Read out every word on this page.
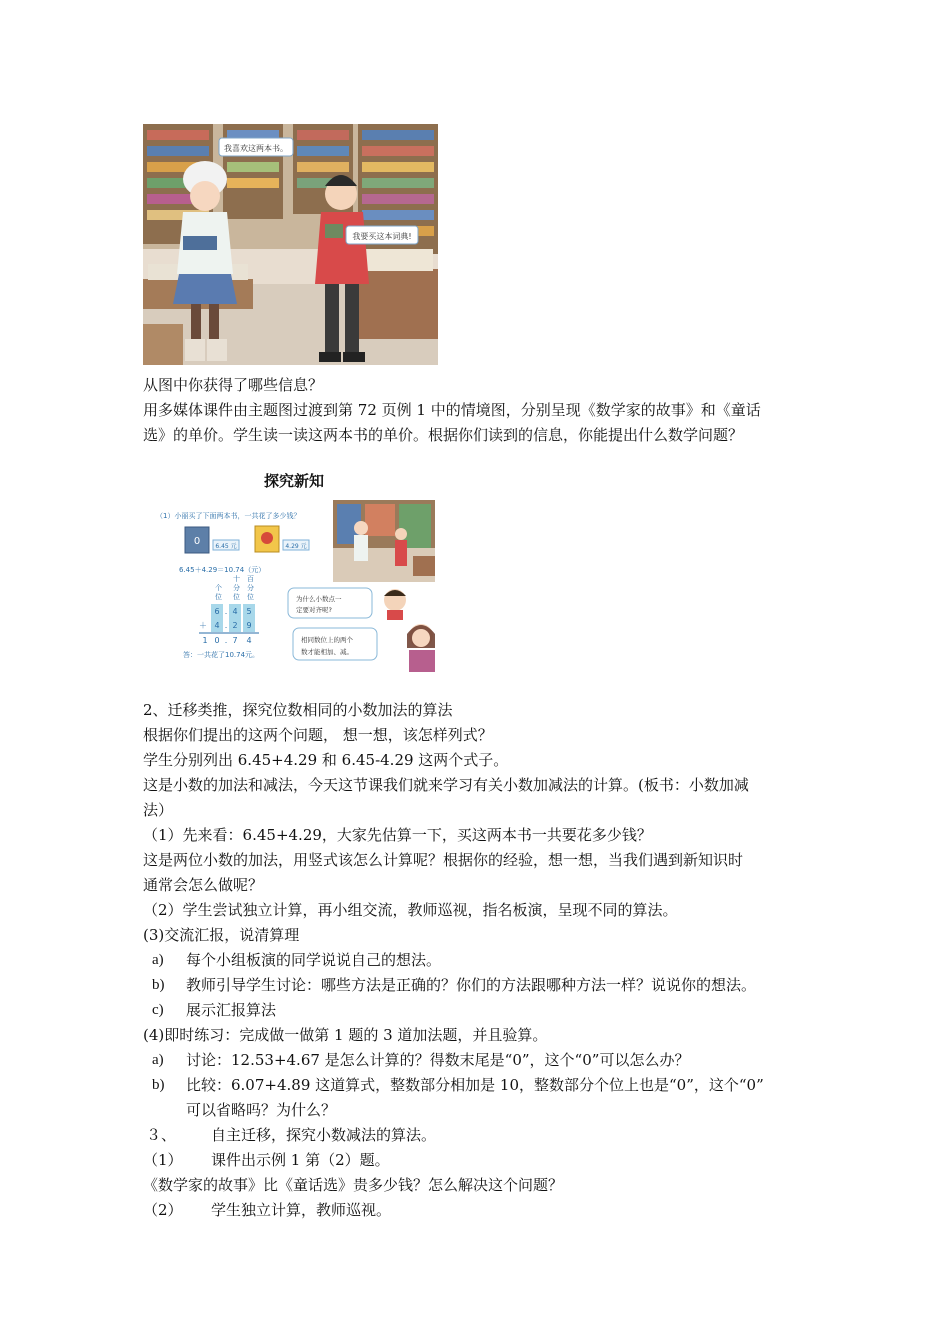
我喜欢这两本书。
我要买这本词典!

从图中你获得了哪些信息？

用多媒体课件由主题图过渡到第 72 页例 1 中的情境图，分别呈现《数学家的故事》和《童话

选》的单价。学生读一读这两本书的单价。根据你们读到的信息，你能提出什么数学问题？

探究新知
（1）小丽买了下面两本书，一共花了多少钱？
0	6.45 元	4.29 元
6.45＋4.29＝10.74（元）
个
位
十
分
位
百
分
位
6 . 4 5
＋ 4 . 2 9
1 0 . 7 4
答：一共花了10.74元。
为什么小数点一
定要对齐呢?
相同数位上的两个
数才能相加、减。

2、迁移类推，探究位数相同的小数加法的算法

根据你们提出的这两个问题， 想一想，该怎样列式？

学生分别列出 6.45+4.29 和 6.45-4.29 这两个式子。

这是小数的加法和减法，今天这节课我们就来学习有关小数加减法的计算。(板书：小数加减

法）

（1）先来看：6.45+4.29，大家先估算一下，买这两本书一共要花多少钱？

这是两位小数的加法，用竖式该怎么计算呢？根据你的经验，想一想，当我们遇到新知识时

通常会怎么做呢？

（2）学生尝试独立计算，再小组交流，教师巡视，指名板演，呈现不同的算法。

(3)交流汇报，说清算理

a) 每个小组板演的同学说说自己的想法。

b) 教师引导学生讨论：哪些方法是正确的？你们的方法跟哪种方法一样？说说你的想法。

c) 展示汇报算法

(4)即时练习：完成做一做第 1 题的 3 道加法题，并且验算。

a) 讨论：12.53+4.67 是怎么计算的？得数末尾是“0”，这个“0”可以怎么办？

b) 比较：6.07+4.89 这道算式，整数部分相加是 10，整数部分个位上也是“0”，这个“0”

可以省略吗？为什么？

３、 自主迁移，探究小数减法的算法。

（1） 课件出示例 1 第（2）题。

《数学家的故事》比《童话选》贵多少钱？怎么解决这个问题？

（2） 学生独立计算，教师巡视。
